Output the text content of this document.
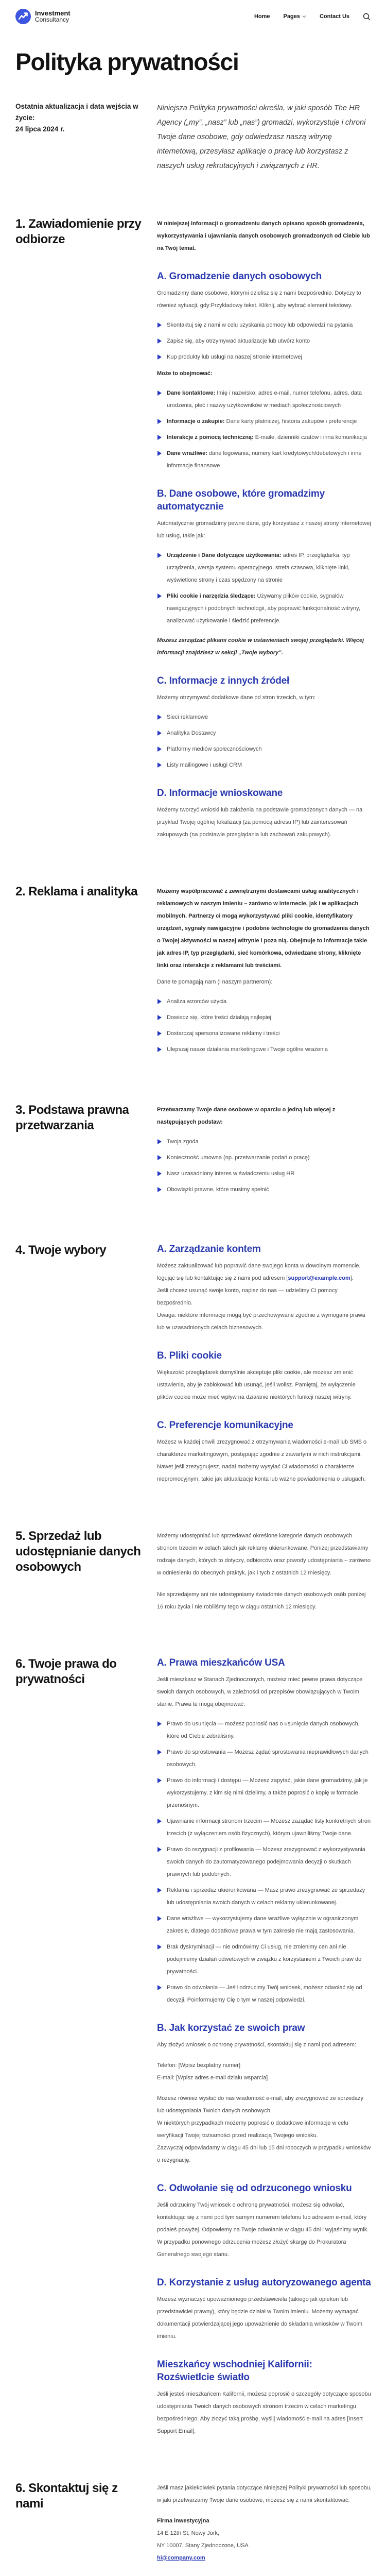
Investment
Consultancy	Home Pages	Contact Us
Polityka prywatności
Ostatnia aktualizacja i data wejścia w życie:
24 lipca 2024 r.
Niniejsza Polityka prywatności określa, w jaki sposób The HR Agency („my”, „nasz” lub „nas”) gromadzi, wykorzystuje i chroni Twoje dane osobowe, gdy odwiedzasz naszą witrynę internetową, przesyłasz aplikacje o pracę lub korzystasz z naszych usług rekrutacyjnych i związanych z HR.
1. Zawiadomienie przy odbiorze

W niniejszej Informacji o gromadzeniu danych opisano sposób gromadzenia, wykorzystywania i ujawniania danych osobowych gromadzonych od Ciebie lub na Twój temat.

A. Gromadzenie danych osobowych

Gromadzimy dane osobowe, którymi dzielisz się z nami bezpośrednio. Dotyczy to również sytuacji, gdy:Przykładowy tekst. Kliknij, aby wybrać element tekstowy.

Skontaktuj się z nami w celu uzyskania pomocy lub odpowiedzi na pytania
Zapisz się, aby otrzymywać aktualizacje lub utwórz konto
Kup produkty lub usługi na naszej stronie internetowej

Może to obejmować:

Dane kontaktowe: Imię i nazwisko, adres e-mail, numer telefonu, adres, data urodzenia, płeć i nazwy użytkowników w mediach społecznościowych
Informacje o zakupie: Dane karty płatniczej, historia zakupów i preferencje
Interakcje z pomocą techniczną: E-maile, dzienniki czatów i inna komunikacja
Dane wrażliwe: dane logowania, numery kart kredytowych/debetowych i inne informacje finansowe
B. Dane osobowe, które gromadzimy automatycznie

Automatycznie gromadzimy pewne dane, gdy korzystasz z naszej strony internetowej lub usług, takie jak:

Urządzenie i Dane dotyczące użytkowania: adres IP, przeglądarka, typ urządzenia, wersja systemu operacyjnego, strefa czasowa, kliknięte linki, wyświetlone strony i czas spędzony na stronie
Pliki cookie i narzędzia śledzące: Używamy plików cookie, sygnałów nawigacyjnych i podobnych technologii, aby poprawić funkcjonalność witryny, analizować użytkowanie i śledzić preferencje.

Możesz zarządzać plikami cookie w ustawieniach swojej przeglądarki. Więcej informacji znajdziesz w sekcji „Twoje wybory”.

C. Informacje z innych źródeł

Możemy otrzymywać dodatkowe dane od stron trzecich, w tym:

Sieci reklamowe
Analityka Dostawcy
Platformy mediów społecznościowych
Listy mailingowe i usługi CRM
D. Informacje wnioskowane

Możemy tworzyć wnioski lub założenia na podstawie gromadzonych danych — na przykład Twojej ogólnej lokalizacji (za pomocą adresu IP) lub zainteresowań zakupowych (na podstawie przeglądania lub zachowań zakupowych).

2. Reklama i analityka	Możemy współpracować z zewnętrznymi dostawcami usług analitycznych i reklamowych w naszym imieniu – zarówno w internecie, jak i w aplikacjach mobilnych. Partnerzy ci mogą wykorzystywać pliki cookie, identyfikatory urządzeń, sygnały nawigacyjne i podobne technologie do gromadzenia danych o Twojej aktywności w naszej witrynie i poza nią. Obejmuje to informacje takie jak adres IP, typ przeglądarki, sieć komórkowa, odwiedzane strony, kliknięte linki oraz interakcje z reklamami lub treściami.

Dane te pomagają nam (i naszym partnerom):

Analiza wzorców użycia
Dowiedz się, które treści działają najlepiej
Dostarczaj spersonalizowane reklamy i treści
Ulepszaj nasze działania marketingowe i Twoje ogólne wrażenia
3. Podstawa prawna przetwarzania

Przetwarzamy Twoje dane osobowe w oparciu o jedną lub więcej z następujących podstaw:

Twoja zgoda
Konieczność umowna (np. przetwarzanie podań o pracę)
Nasz uzasadniony interes w świadczeniu usług HR
Obowiązki prawne, które musimy spełnić
4. Twoje wybory	A. Zarządzanie kontem

Możesz zaktualizować lub poprawić dane swojego konta w dowolnym momencie, logując się lub kontaktując się z nami pod adresem [support@example.com].

Jeśli chcesz usunąć swoje konto, napisz do nas — udzielimy Ci pomocy bezpośrednio.

Uwaga: niektóre informacje mogą być przechowywane zgodnie z wymogami prawa lub w uzasadnionych celach biznesowych.

B. Pliki cookie

Większość przeglądarek domyślnie akceptuje pliki cookie, ale możesz zmienić ustawienia, aby je zablokować lub usunąć, jeśli wolisz. Pamiętaj, że wyłączenie plików cookie może mieć wpływ na działanie niektórych funkcji naszej witryny.

C. Preferencje komunikacyjne

Możesz w każdej chwili zrezygnować z otrzymywania wiadomości e-mail lub SMS o charakterze marketingowym, postępując zgodnie z zawartymi w nich instrukcjami. Nawet jeśli zrezygnujesz, nadal możemy wysyłać Ci wiadomości o charakterze niepromocyjnym, takie jak aktualizacje konta lub ważne powiadomienia o usługach.

5. Sprzedaż lub udostępnianie danych osobowych

Możemy udostępniać lub sprzedawać określone kategorie danych osobowych stronom trzecim w celach takich jak reklamy ukierunkowane. Poniżej przedstawiamy rodzaje danych, których to dotyczy, odbiorców oraz powody udostępniania – zarówno w odniesieniu do obecnych praktyk, jak i tych z ostatnich 12 miesięcy.

Nie sprzedajemy ani nie udostępniamy świadomie danych osobowych osób poniżej 16 roku życia i nie robiliśmy tego w ciągu ostatnich 12 miesięcy.

6. Twoje prawa do prywatności
A. Prawa mieszkańców USA

Jeśli mieszkasz w Stanach Zjednoczonych, możesz mieć pewne prawa dotyczące swoich danych osobowych, w zależności od przepisów obowiązujących w Twoim stanie. Prawa te mogą obejmować:

Prawo do usunięcia — możesz poprosić nas o usunięcie danych osobowych, które od Ciebie zebraliśmy.
Prawo do sprostowania — Możesz żądać sprostowania nieprawidłowych danych osobowych.
Prawo do informacji i dostępu — Możesz zapytać, jakie dane gromadzimy, jak je wykorzystujemy, z kim się nimi dzielimy, a także poprosić o kopię w formacie przenośnym.
Ujawnianie informacji stronom trzecim — Możesz zażądać listy konkretnych stron trzecich (z wyłączeniem osób fizycznych), którym ujawniliśmy Twoje dane.
Prawo do rezygnacji z profilowania — Możesz zrezygnować z wykorzystywania swoich danych do zautomatyzowanego podejmowania decyzji o skutkach prawnych lub podobnych.
Reklama i sprzedaż ukierunkowana — Masz prawo zrezygnować ze sprzedaży lub udostępniania swoich danych w celach reklamy ukierunkowanej.
Dane wrażliwe — wykorzystujemy dane wrażliwe wyłącznie w ograniczonym zakresie, dlatego dodatkowe prawa w tym zakresie nie mają zastosowania.
Brak dyskryminacji — nie odmówimy Ci usług, nie zmienimy cen ani nie podejmiemy działań odwetowych w związku z korzystaniem z Twoich praw do prywatności.
Prawo do odwołania — Jeśli odrzucimy Twój wniosek, możesz odwołać się od decyzji. Poinformujemy Cię o tym w naszej odpowiedzi.
B. Jak korzystać ze swoich praw

Aby złożyć wniosek o ochronę prywatności, skontaktuj się z nami pod adresem:

Telefon: [Wpisz bezpłatny numer]
E-mail: [Wpisz adres e-mail działu wsparcia]

Możesz również wysłać do nas wiadomość e-mail, aby zrezygnować ze sprzedaży lub udostępniania Twoich danych osobowych.

W niektórych przypadkach możemy poprosić o dodatkowe informacje w celu weryfikacji Twojej tożsamości przed realizacją Twojego wniosku.

Zazwyczaj odpowiadamy w ciągu 45 dni lub 15 dni roboczych w przypadku wniosków o rezygnację.

C. Odwołanie się od odrzuconego wniosku

Jeśli odrzucimy Twój wniosek o ochronę prywatności, możesz się odwołać, kontaktując się z nami pod tym samym numerem telefonu lub adresem e-mail, który podałeś powyżej. Odpowiemy na Twoje odwołanie w ciągu 45 dni i wyjaśnimy wynik. W przypadku ponownego odrzucenia możesz złożyć skargę do Prokuratora Generalnego swojego stanu.

D. Korzystanie z usług autoryzowanego agenta

Możesz wyznaczyć upoważnionego przedstawiciela (takiego jak opiekun lub przedstawiciel prawny), który będzie działał w Twoim imieniu. Możemy wymagać dokumentacji potwierdzającej jego upoważnienie do składania wniosków w Twoim imieniu.

Mieszkańcy wschodniej Kalifornii: Rozświetlcie światło

Jeśli jesteś mieszkańcem Kalifornii, możesz poprosić o szczegóły dotyczące sposobu udostępniania Twoich danych osobowych stronom trzecim w celach marketingu bezpośredniego. Aby złożyć taką prośbę, wyślij wiadomość e-mail na adres [Insert Support Email].

6. Skontaktuj się z nami

Jeśli masz jakiekolwiek pytania dotyczące niniejszej Polityki prywatności lub sposobu, w jaki przetwarzamy Twoje dane osobowe, możesz się z nami skontaktować:

Firma inwestycyjna
14 E 12th St, Nowy Jork,
NY 10007, Stany Zjednoczone, USA
hi@company.com
